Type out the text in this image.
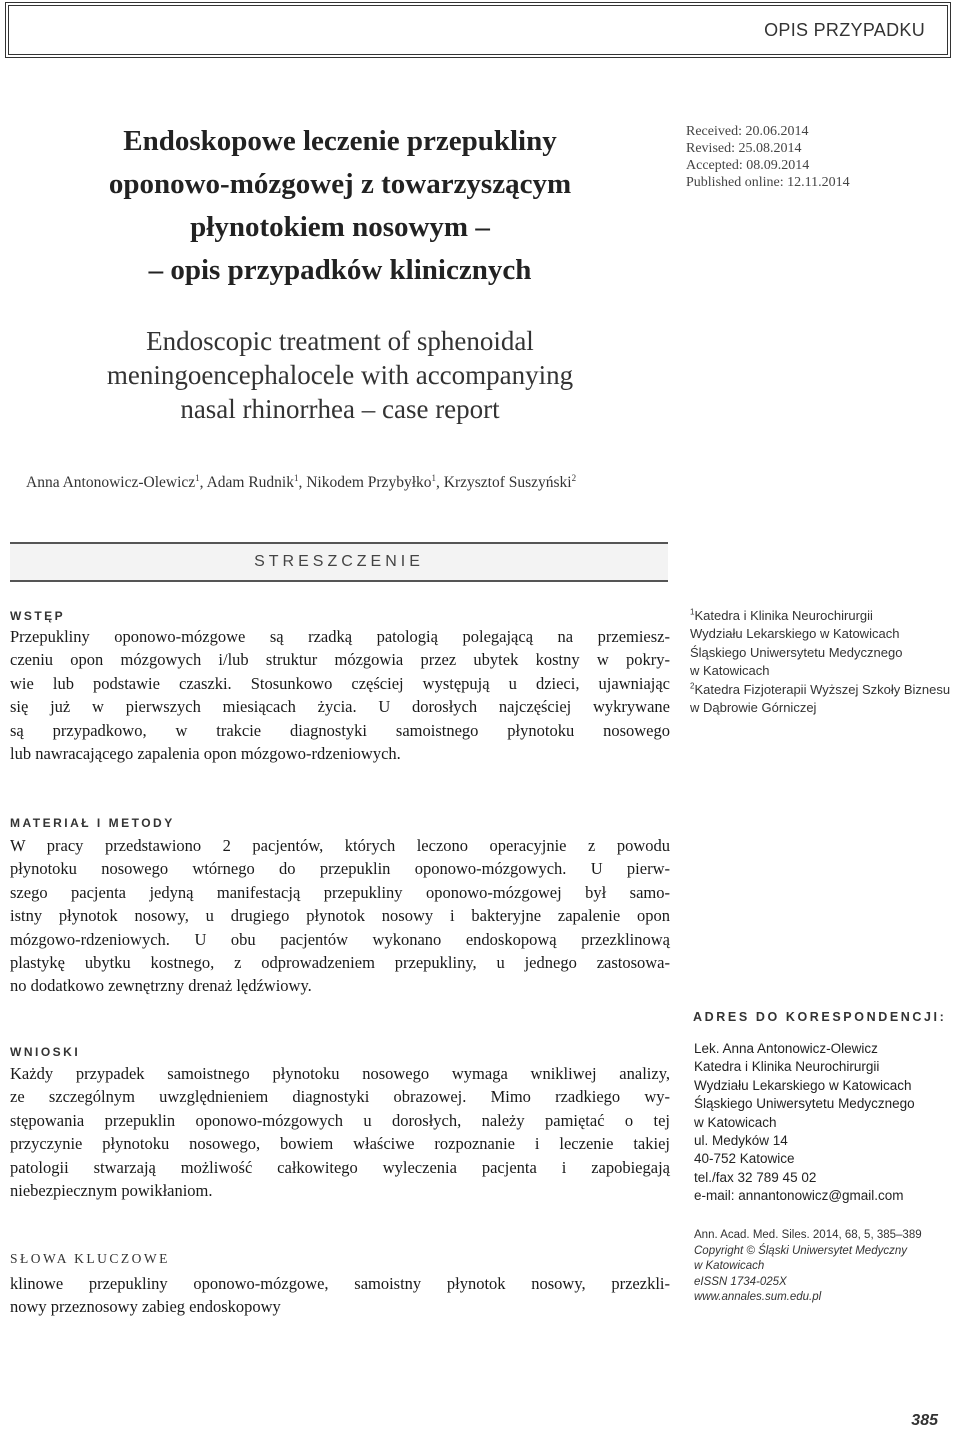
OPIS PRZYPADKU
Endoskopowe leczenie przepukliny
oponowo-mózgowej z towarzyszącym
płynotokiem nosowym –
– opis przypadków klinicznych
Received: 20.06.2014
Revised: 25.08.2014
Accepted: 08.09.2014
Published online: 12.11.2014
Endoscopic treatment of sphenoidal
meningoencephalocele with accompanying
nasal rhinorrhea – case report
Anna Antonowicz-Olewicz$^1$, Adam Rudnik$^1$, Nikodem Przybyłko$^1$, Krzysztof Suszyński$^2$
STRESZCZENIE
WSTĘP
Przepukliny oponowo-mózgowe są rzadką patologią polegającą na przemiesz-
czeniu opon mózgowych i/lub struktur mózgowia przez ubytek kostny w pokry-
wie lub podstawie czaszki. Stosunkowo częściej występują u dzieci, ujawniając
się już w pierwszych miesiącach życia. U dorosłych najczęściej wykrywane
są przypadkowo, w trakcie diagnostyki samoistnego płynotoku nosowego
lub nawracającego zapalenia opon mózgowo-rdzeniowych.
$^1$Katedra i Klinika Neurochirurgii
Wydziału Lekarskiego w Katowicach
Śląskiego Uniwersytetu Medycznego
w Katowicach
$^2$Katedra Fizjoterapii Wyższej Szkoły Biznesu
w Dąbrowie Górniczej
MATERIAŁ I METODY
W pracy przedstawiono 2 pacjentów, których leczono operacyjnie z powodu
płynotoku nosowego wtórnego do przepuklin oponowo-mózgowych. U pierw-
szego pacjenta jedyną manifestacją przepukliny oponowo-mózgowej był samo-
istny płynotok nosowy, u drugiego płynotok nosowy i bakteryjne zapalenie opon
mózgowo-rdzeniowych. U obu pacjentów wykonano endoskopową przezklinową
plastykę ubytku kostnego, z odprowadzeniem przepukliny, u jednego zastosowa-
no dodatkowo zewnętrzny drenaż lędźwiowy.
ADRES DO KORESPONDENCJI:
Lek. Anna Antonowicz-Olewicz
Katedra i Klinika Neurochirurgii
Wydziału Lekarskiego w Katowicach
Śląskiego Uniwersytetu Medycznego
w Katowicach
ul. Medyków 14
40-752 Katowice
tel./fax 32 789 45 02
e-mail: annantonowicz@gmail.com
WNIOSKI
Każdy przypadek samoistnego płynotoku nosowego wymaga wnikliwej analizy,
ze szczególnym uwzględnieniem diagnostyki obrazowej. Mimo rzadkiego wy-
stępowania przepuklin oponowo-mózgowych u dorosłych, należy pamiętać o tej
przyczynie płynotoku nosowego, bowiem właściwe rozpoznanie i leczenie takiej
patologii stwarzają możliwość całkowitego wyleczenia pacjenta i zapobiegają
niebezpiecznym powikłaniom.
Ann. Acad. Med. Siles. 2014, 68, 5, 385–389
Copyright © Śląski Uniwersytet Medyczny
w Katowicach
eISSN 1734-025X
www.annales.sum.edu.pl
SŁOWA KLUCZOWE
klinowe przepukliny oponowo-mózgowe, samoistny płynotok nosowy, przezkli-
nowy przeznosowy zabieg endoskopowy
385
